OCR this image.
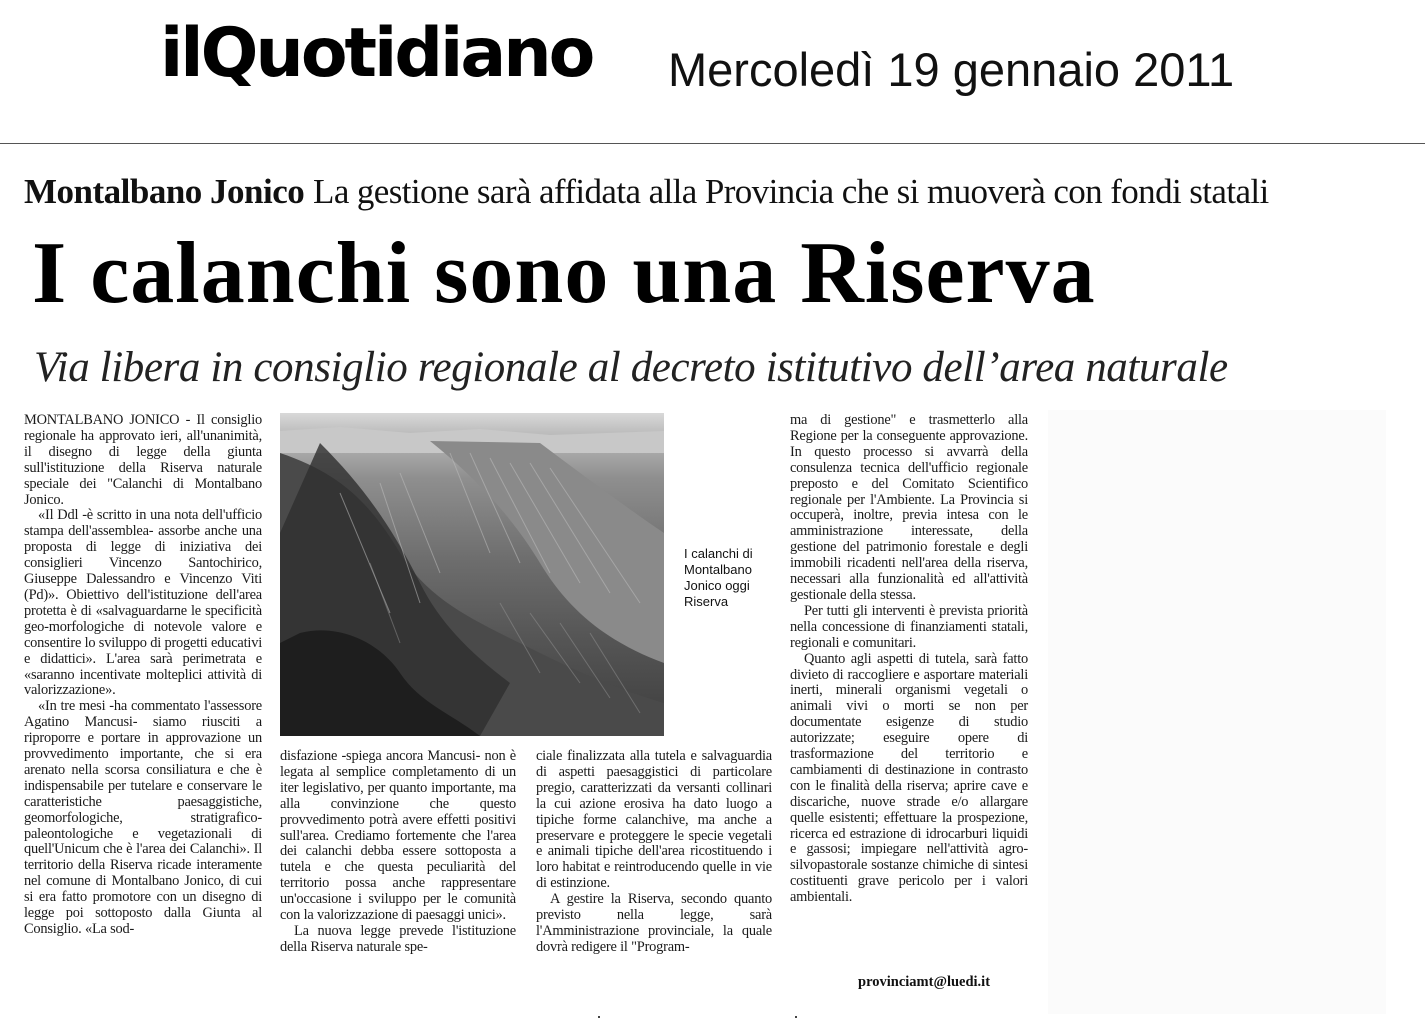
ilQuotidiano Mercoledì 19 gennaio 2011
Montalbano Jonico La gestione sarà affidata alla Provincia che si muoverà con fondi statali
I calanchi sono una Riserva
Via libera in consiglio regionale al decreto istitutivo dell’area naturale

MONTALBANO JONICO - Il consiglio regionale ha approvato ieri, all'unanimità, il disegno di legge della giunta sull'istituzione della Riserva naturale speciale dei "Calanchi di Montalbano Jonico.

«Il Ddl -è scritto in una nota dell'ufficio stampa dell'assemblea- assorbe anche una proposta di legge di iniziativa dei consiglieri Vincenzo Santochirico, Giuseppe Dalessandro e Vincenzo Viti (Pd)». Obiettivo dell'istituzione dell'area protetta è di «salvaguardarne le specificità geo-morfologiche di notevole valore e consentire lo sviluppo di progetti educativi e didattici». L'area sarà perimetrata e «saranno incentivate molteplici attività di valorizzazione».

«In tre mesi -ha commentato l'assessore Agatino Mancusi- siamo riusciti a riproporre e portare in approvazione un provvedimento importante, che si era arenato nella scorsa consiliatura e che è indispensabile per tutelare e conservare le caratteristiche paesaggistiche, geomorfologiche, stratigrafico-paleontologiche e vegetazionali di quell'Unicum che è l'area dei Calanchi». Il territorio della Riserva ricade interamente nel comune di Montalbano Jonico, di cui si era fatto promotore con un disegno di legge poi sottoposto dalla Giunta al Consiglio. «La sod-

I calanchi di Montalbano Jonico oggi Riserva

disfazione -spiega ancora Mancusi- non è legata al semplice completamento di un iter legislativo, per quanto importante, ma alla convinzione che questo provvedimento potrà avere effetti positivi sull'area. Crediamo fortemente che l'area dei calanchi debba essere sottoposta a tutela e che questa peculiarità del territorio possa anche rappresentare un'occasione i sviluppo per le comunità con la valorizzazione di paesaggi unici».

La nuova legge prevede l'istituzione della Riserva naturale spe-

ciale finalizzata alla tutela e salvaguardia di aspetti paesaggistici di particolare pregio, caratterizzati da versanti collinari la cui azione erosiva ha dato luogo a tipiche forme calanchive, ma anche a preservare e proteggere le specie vegetali e animali tipiche dell'area ricostituendo i loro habitat e reintroducendo quelle in vie di estinzione.

A gestire la Riserva, secondo quanto previsto nella legge, sarà l'Amministrazione provinciale, la quale dovrà redigere il "Program-

ma di gestione" e trasmetterlo alla Regione per la conseguente approvazione. In questo processo si avvarrà della consulenza tecnica dell'ufficio regionale preposto e del Comitato Scientifico regionale per l'Ambiente. La Provincia si occuperà, inoltre, previa intesa con le amministrazione interessate, della gestione del patrimonio forestale e degli immobili ricadenti nell'area della riserva, necessari alla funzionalità ed all'attività gestionale della stessa.

Per tutti gli interventi è prevista priorità nella concessione di finanziamenti statali, regionali e comunitari.

Quanto agli aspetti di tutela, sarà fatto divieto di raccogliere e asportare materiali inerti, minerali organismi vegetali o animali vivi o morti se non per documentate esigenze di studio autorizzate; eseguire opere di trasformazione del territorio e cambiamenti di destinazione in contrasto con le finalità della riserva; aprire cave e discariche, nuove strade e/o allargare quelle esistenti; effettuare la prospezione, ricerca ed estrazione di idrocarburi liquidi e gassosi; impiegare nell'attività agro-silvopastorale sostanze chimiche di sintesi costituenti grave pericolo per i valori ambientali.

provinciamt@luedi.it
